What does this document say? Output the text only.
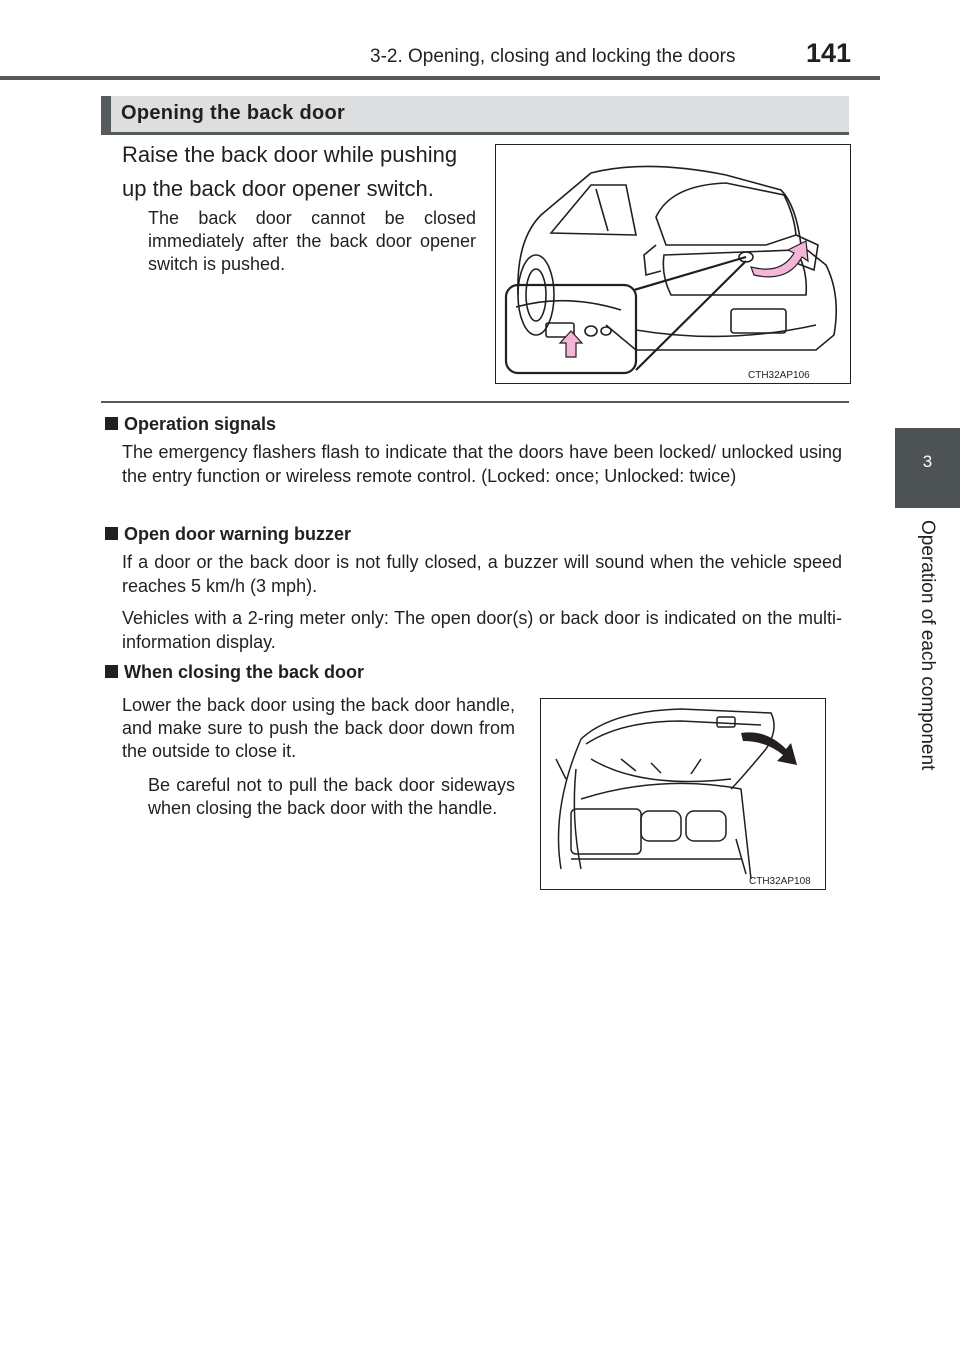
3-2. Opening, closing and locking the doors	141
3
Operation of each component
Opening the back door
Raise the back door while pushing
up the back door opener switch.
The back door cannot be closed immediately after the back door opener switch is pushed.
CTH32AP106
Operation signals
The emergency flashers flash to indicate that the doors have been locked/ unlocked using the entry function or wireless remote control. (Locked: once; Unlocked: twice)
Open door warning buzzer
If a door or the back door is not fully closed, a buzzer will sound when the vehicle speed reaches 5 km/h (3 mph).
Vehicles with a 2-ring meter only: The open door(s) or back door is indicated on the multi-information display.
When closing the back door
Lower the back door using the back door handle, and make sure to push the back door down from the outside to close it.
Be careful not to pull the back door sideways when closing the back door with the handle.
CTH32AP108
